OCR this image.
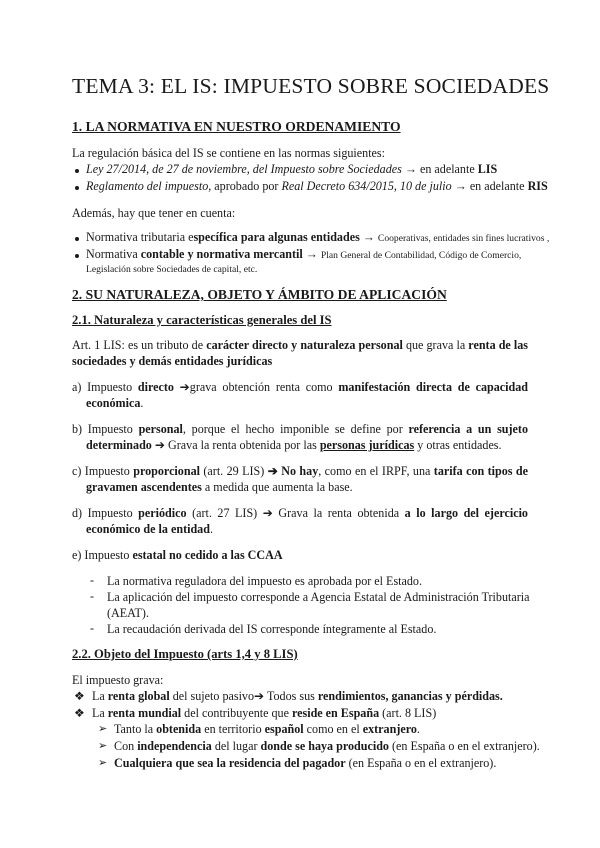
TEMA 3: EL IS: IMPUESTO SOBRE SOCIEDADES
1. LA NORMATIVA EN NUESTRO ORDENAMIENTO
La regulación básica del IS se contiene en las normas siguientes:
Ley 27/2014, de 27 de noviembre, del Impuesto sobre Sociedades → en adelante LIS
Reglamento del impuesto, aprobado por Real Decreto 634/2015, 10 de julio → en adelante RIS
Además, hay que tener en cuenta:
Normativa tributaria específica para algunas entidades → Cooperativas, entidades sin fines lucrativos ,
Normativa contable y normativa mercantil → Plan General de Contabilidad, Código de Comercio,
Legislación sobre Sociedades de capital, etc.
2. SU NATURALEZA, OBJETO Y ÁMBITO DE APLICACIÓN
2.1. Naturaleza y características generales del IS
Art. 1 LIS: es un tributo de carácter directo y naturaleza personal que grava la renta de las
sociedades y demás entidades jurídicas
a) Impuesto directo ➔grava obtención renta como manifestación directa de capacidad
económica.
b) Impuesto personal, porque el hecho imponible se define por referencia a un sujeto
determinado ➔ Grava la renta obtenida por las personas jurídicas y otras entidades.
c) Impuesto proporcional (art. 29 LIS) ➔ No hay, como en el IRPF, una tarifa con tipos de
gravamen ascendentes a medida que aumenta la base.
d) Impuesto periódico (art. 27 LIS) ➔ Grava la renta obtenida a lo largo del ejercicio
económico de la entidad.
e) Impuesto estatal no cedido a las CCAA
- La normativa reguladora del impuesto es aprobada por el Estado.
- La aplicación del impuesto corresponde a Agencia Estatal de Administración Tributaria
(AEAT).
- La recaudación derivada del IS corresponde íntegramente al Estado.
2.2. Objeto del Impuesto (arts 1,4 y 8 LIS)
El impuesto grava:
❖ La renta global del sujeto pasivo➔ Todos sus rendimientos, ganancias y pérdidas.
❖ La renta mundial del contribuyente que reside en España (art. 8 LIS)
➢ Tanto la obtenida en territorio español como en el extranjero.
➢ Con independencia del lugar donde se haya producido (en España o en el extranjero).
➢ Cualquiera que sea la residencia del pagador (en España o en el extranjero).
